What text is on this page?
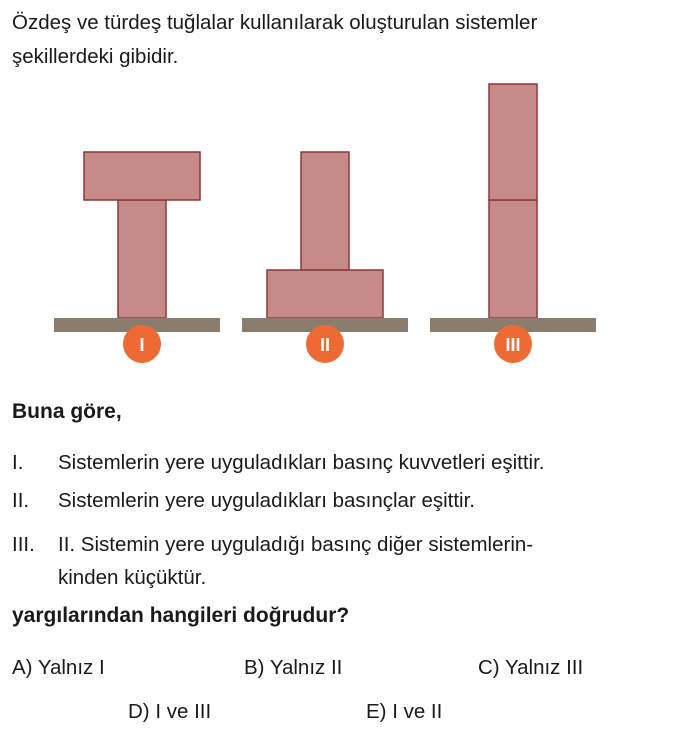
Özdeş ve türdeş tuğlalar kullanılarak oluşturulan sistemler
şekillerdeki gibidir.
I	II	III

Buna göre,

I. Sistemlerin yere uyguladıkları basınç kuvvetleri eşittir.
II. Sistemlerin yere uyguladıkları basınçlar eşittir.
III. II. Sistemin yere uyguladığı basınç diğer sistemlerin-
kinden küçüktür.

yargılarından hangileri doğrudur?

A) Yalnız I	B) Yalnız II	C) Yalnız III
D) I ve III	E) I ve II
